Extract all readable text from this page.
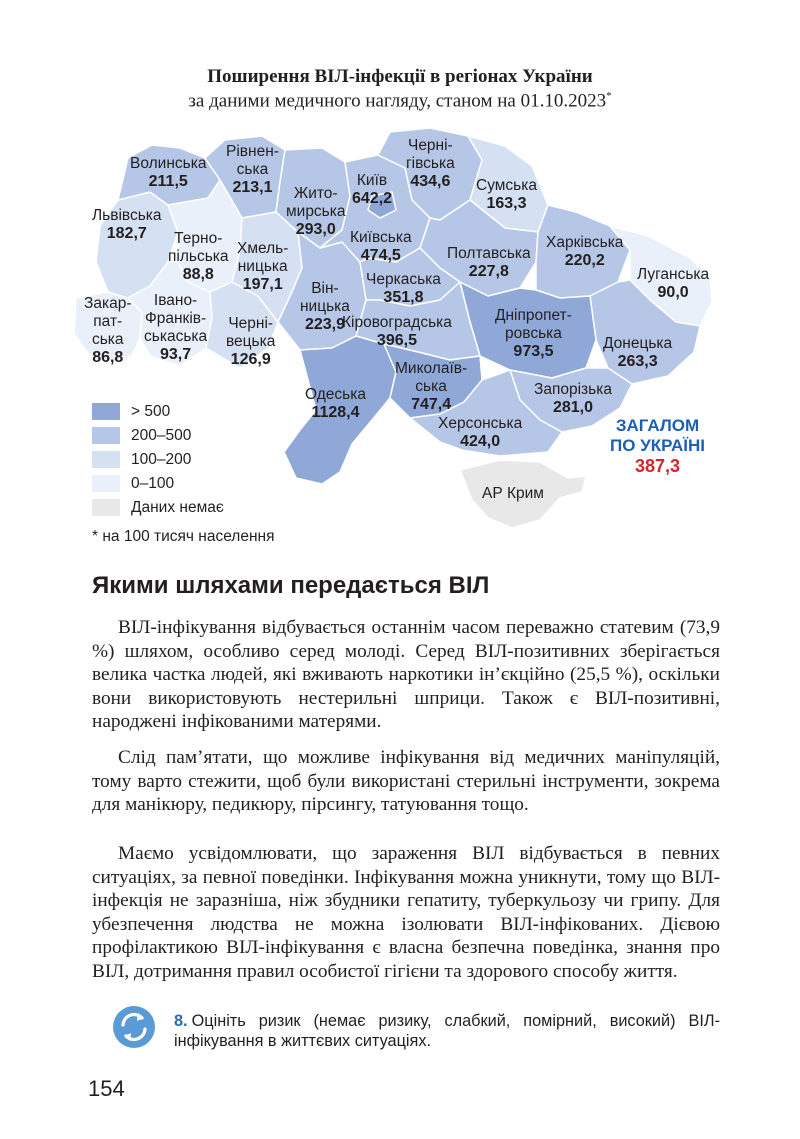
Поширення ВІЛ-інфекції в регіонах України
за даними медичного нагляду, станом на 01.10.2023*
Волинська
211,5
Рівнен-
ська
213,1	Жито-
мирська
293,0
Київ
642,2
Черні-
гівська
434,6 Сумська
163,3
Львівська
182,7	Терно-
пільська
88,8
Хмель-
ницька
197,1
Київська
474,5	Полтавська
227,8
Харківська
220,2
Луганська
90,0
Закар-
пат-
ська
86,8
Івано-
Франків-
ськаська
93,7
Черні-
вецька
126,9
Він-
ницька
223,9
Черкаська
351,8
Кіровоградська
396,5
Дніпропет-
ровська
973,5	Донецька
263,3
Одеська
1128,4
Миколаїв-
ська
747,4
Запорізька
281,0
Херсонська
424,0
АР Крим
> 500
200–500
100–200
0–100
Даних немає
* на 100 тисяч населення
ЗАГАЛОМ
ПО УКРАЇНІ
387,3
Якими шляхами передається ВІЛ

ВІЛ-інфікування відбувається останнім часом переважно статевим (73,9 %) шляхом, особливо серед молоді. Серед ВІЛ-позитивних зберігається велика частка людей, які вживають наркотики ін’єкційно (25,5 %), оскільки вони використовують нестерильні шприци. Також є ВІЛ-позитивні, народжені інфікованими матерями.

Слід пам’ятати, що можливе інфікування від медичних маніпуляцій, тому варто стежити, щоб були використані стерильні інструменти, зокрема для манікюру, педикюру, пірсингу, татуювання тощо.

Маємо усвідомлювати, що зараження ВІЛ відбувається в певних ситуаціях, за певної поведінки. Інфікування можна уникнути, тому що ВІЛ-інфекція не заразніша, ніж збудники гепатиту, туберкульозу чи грипу. Для убезпечення людства не можна ізолювати ВІЛ-інфікованих. Дієвою профілактикою ВІЛ-інфікування є власна безпечна поведінка, знання про ВІЛ, дотримання правил особистої гігієни та здорового способу життя.

8. Оцініть ризик (немає ризику, слабкий, помірний, високий) ВІЛ-інфікування в життєвих ситуаціях.
154
